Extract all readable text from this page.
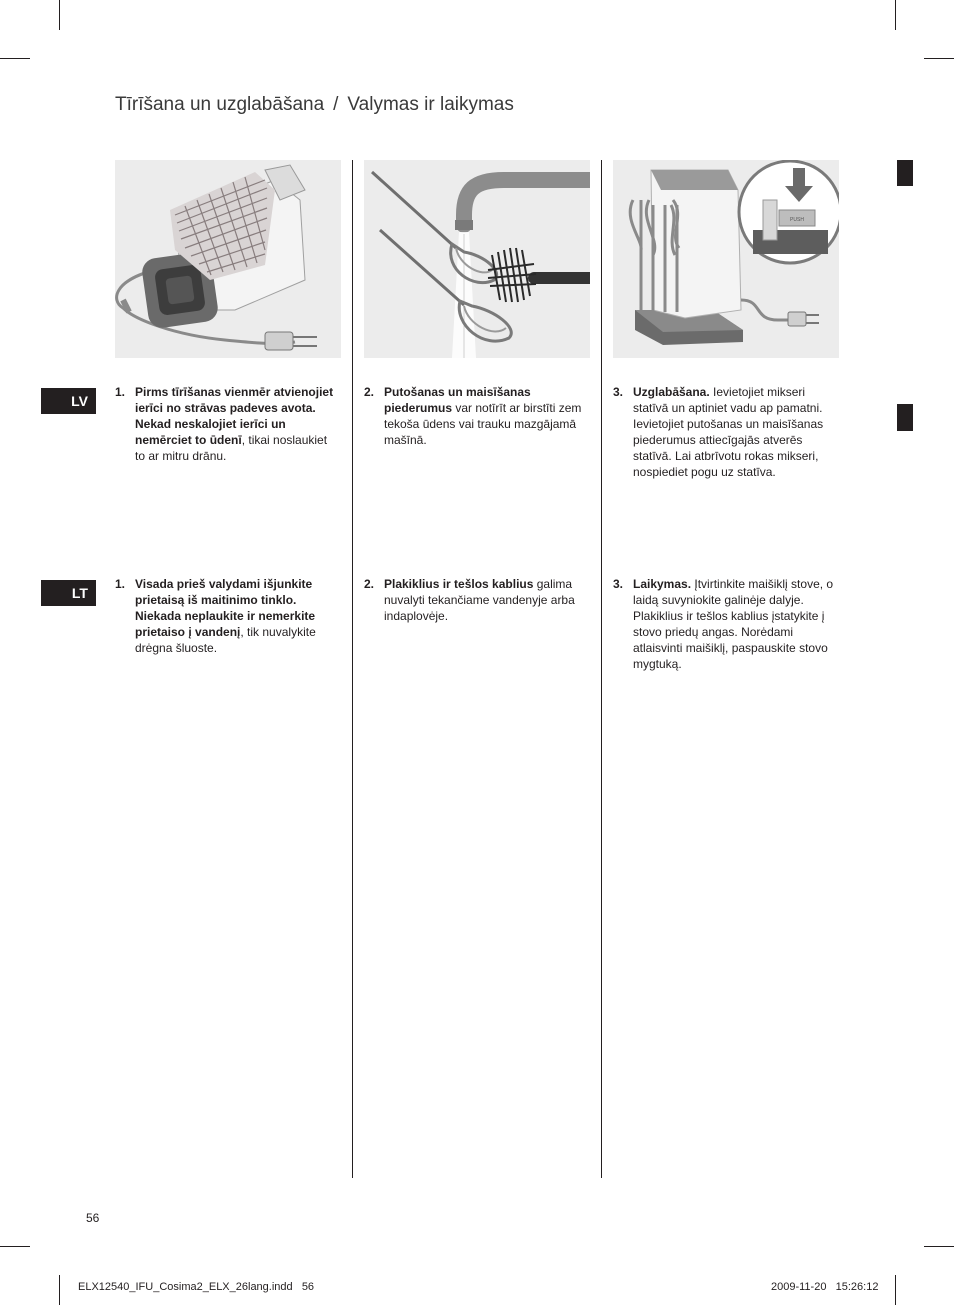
Tīrīšana un uzglabāšana / Valymas ir laikymas
PUSH
LV
LT
1. Pirms tīrīšanas vienmēr atvienojiet ierīci no strāvas padeves avota. Nekad neskalojiet ierīci un nemērciet to ūdenī, tikai noslaukiet to ar mitru drānu.
2. Putošanas un maisīšanas piederumus var notīrīt ar birstīti zem tekoša ūdens vai trauku mazgājamā mašīnā.
3. Uzglabāšana. Ievietojiet mikseri statīvā un aptiniet vadu ap pamatni. Ievietojiet putošanas un maisīšanas piederumus attiecīgajās atverēs statīvā. Lai atbrīvotu rokas mikseri, nospiediet pogu uz statīva.
1. Visada prieš valydami išjunkite prietaisą iš maitinimo tinklo. Niekada neplaukite ir nemerkite prietaiso į vandenį, tik nuvalykite drėgna šluoste.
2. Plakiklius ir tešlos kablius galima nuvalyti tekančiame vandenyje arba indaplovėje.
3. Laikymas. Įtvirtinkite maišiklį stove, o laidą suvyniokite galinėje dalyje. Plakiklius ir tešlos kablius įstatykite į stovo priedų angas. Norėdami atlaisvinti maišiklį, paspauskite stovo mygtuką.
56
ELX12540_IFU_Cosima2_ELX_26lang.indd   56	2009-11-20   15:26:12
